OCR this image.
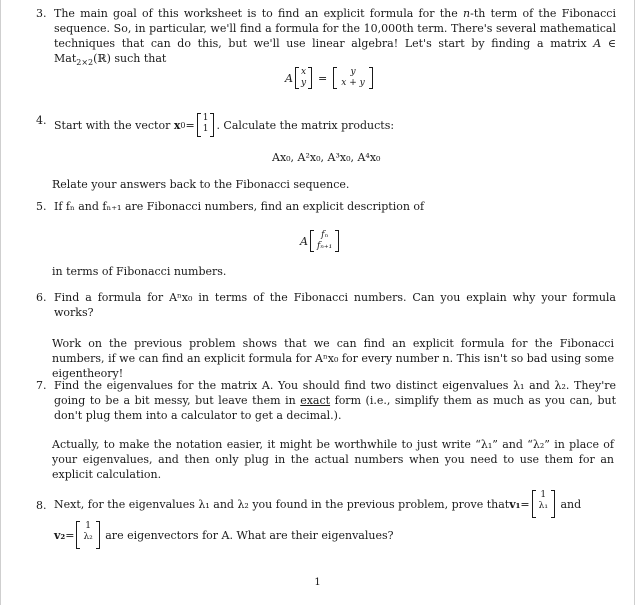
3. The main goal of this worksheet is to find an explicit formula for the n-th term of the Fibonacci sequence. So, in particular, we'll find a formula for the 10,000th term. There's several mathematical techniques that can do this, but we'll use linear algebra! Let's start by finding a matrix A ∈ Mat$_{2\times 2}$(ℝ) such that
A x
y =	y
x + y
4. Start with the vector
x 0 =
1
1 . Calculate the matrix products:
Ax₀, A²x₀, A³x₀, A⁴x₀
Relate your answers back to the Fibonacci sequence.
5. If fₙ and fₙ₊₁ are Fibonacci numbers, find an explicit description of
A fₙ
fₙ₊₁
in terms of Fibonacci numbers.
6. Find a formula for Aⁿx₀ in terms of the Fibonacci numbers. Can you explain why your formula works?
Work on the previous problem shows that we can find an explicit formula for the Fibonacci numbers, if we can find an explicit formula for Aⁿx₀ for every number n. This isn't so bad using some eigentheory!
7. Find the eigenvalues for the matrix A. You should find two distinct eigenvalues λ₁ and λ₂. They're going to be a bit messy, but leave them in exact form (i.e., simplify them as much as you can, but don't plug them into a calculator to get a decimal.).
Actually, to make the notation easier, it might be worthwhile to just write “λ₁” and “λ₂” in place of your eigenvalues, and then only plug in the actual numbers when you need to use them for an explicit calculation.
8. Next, for the eigenvalues λ₁ and λ₂ you found in the previous problem, prove that v₁ =
1
λ₁
and
v₂ =
1
λ₂
are eigenvectors for A. What are their eigenvalues?
1
